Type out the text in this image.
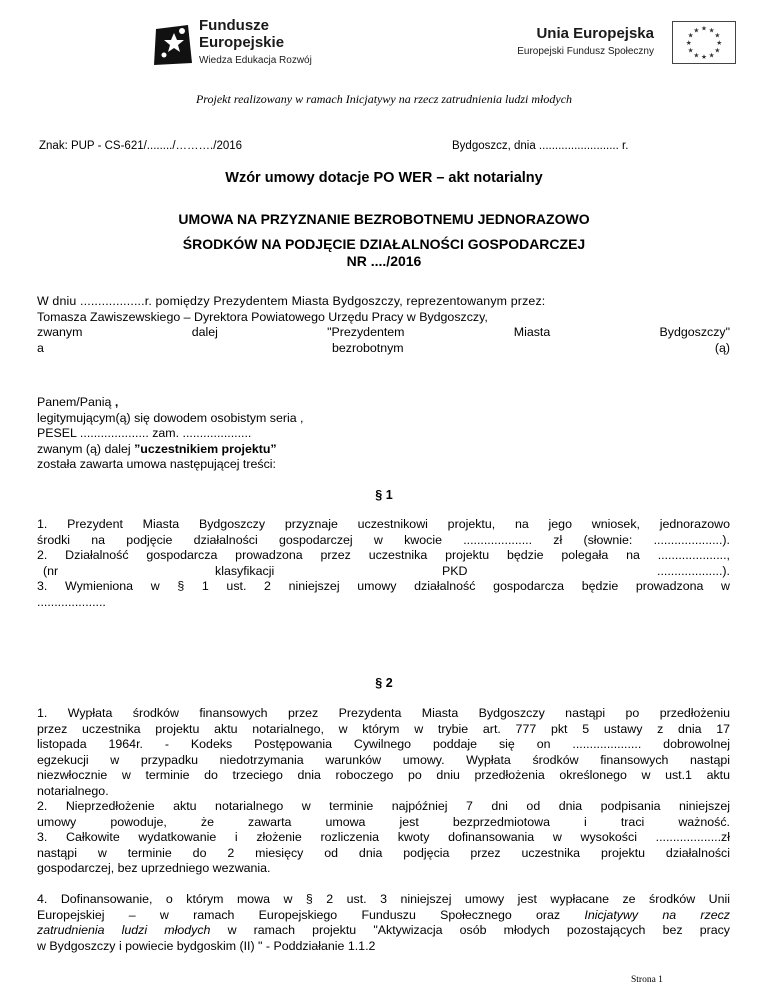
Fundusze
Europejskie
Wiedza Edukacja Rozwój
Unia Europejska
Europejski Fundusz Społeczny
★ ★
★
★
★
★
★
★
★
★
★
★
Projekt realizowany w ramach Inicjatywy na rzecz zatrudnienia ludzi młodych
Znak: PUP - CS-621/......../………./2016	Bydgoszcz, dnia ......................... r.
Wzór umowy dotacje PO WER – akt notarialny
UMOWA NA PRZYZNANIE BEZROBOTNEMU JEDNORAZOWO
ŚRODKÓW NA PODJĘCIE DZIAŁALNOŚCI GOSPODARCZEJ
NR ..../2016
W dniu ..................r. pomiędzy Prezydentem Miasta Bydgoszczy, reprezentowanym przez:
Tomasza Zawiszewskiego – Dyrektora Powiatowego Urzędu Pracy w Bydgoszczy,
zwanym	dalej	"Prezydentem	Miasta	Bydgoszczy"
a	bezrobotnym	(ą)
Panem/Panią ,
legitymującym(ą) się dowodem osobistym seria ,
PESEL .................... zam. ....................
zwanym (ą) dalej ”uczestnikiem projektu”
została zawarta umowa następującej treści:
§ 1
1. Prezydent Miasta Bydgoszczy przyznaje uczestnikowi projektu, na jego wniosek, jednorazowo
środki na podjęcie działalności gospodarczej w kwocie .................... zł (słownie: ....................).
2. Działalność gospodarcza prowadzona przez uczestnika projektu będzie polegała na ....................,
(nr	klasyfikacji	PKD	...................).
3. Wymieniona w § 1 ust. 2 niniejszej umowy działalność gospodarcza będzie prowadzona w
....................
§ 2
1. Wypłata środków finansowych przez Prezydenta Miasta Bydgoszczy nastąpi po przedłożeniu
przez uczestnika projektu aktu notarialnego, w którym w trybie art. 777 pkt 5 ustawy z dnia 17
listopada 1964r. - Kodeks Postępowania Cywilnego poddaje się on .................... dobrowolnej
egzekucji w przypadku niedotrzymania warunków umowy. Wypłata środków finansowych nastąpi
niezwłocznie w terminie do trzeciego dnia roboczego po dniu przedłożenia określonego w ust.1 aktu
notarialnego.
2. Nieprzedłożenie aktu notarialnego w terminie najpóźniej 7 dni od dnia podpisania niniejszej
umowy powoduje, że zawarta umowa jest bezprzedmiotowa i traci ważność.
3. Całkowite wydatkowanie i złożenie rozliczenia kwoty dofinansowania w wysokości ...................zł
nastąpi w terminie do 2 miesięcy od dnia podjęcia przez uczestnika projektu działalności
gospodarczej, bez uprzedniego wezwania.
4. Dofinansowanie, o którym mowa w § 2 ust. 3 niniejszej umowy jest wypłacane ze środków Unii
Europejskiej – w ramach Europejskiego Funduszu Społecznego oraz Inicjatywy na rzecz
zatrudnienia ludzi młodych w ramach projektu "Aktywizacja osób młodych pozostających bez pracy
w Bydgoszczy i powiecie bydgoskim (II) " - Poddziałanie 1.1.2
Strona 1
